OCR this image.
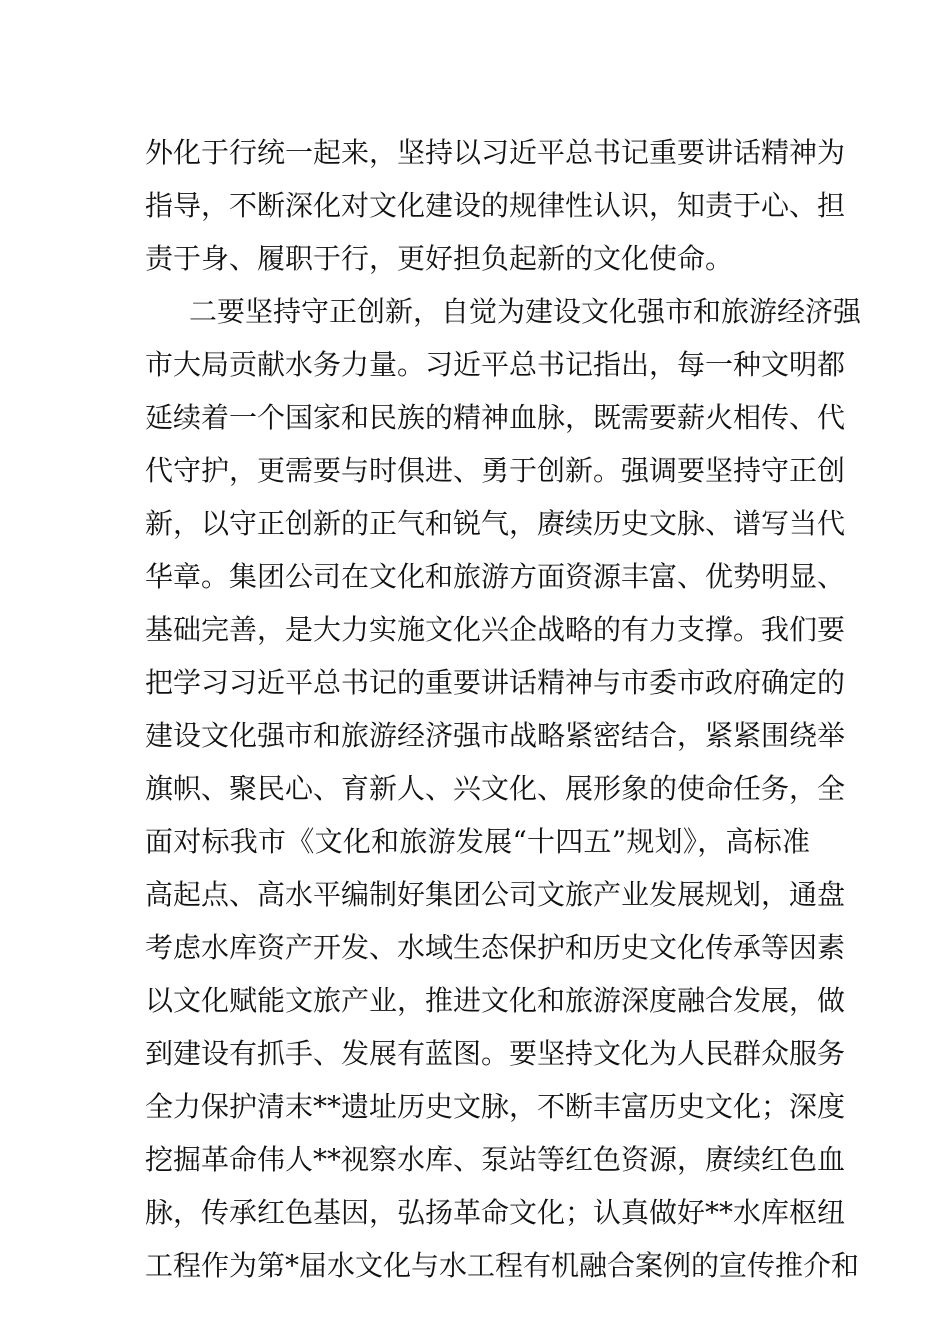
外化于行统一起来，坚持以习近平总书记重要讲话精神为
指导，不断深化对文化建设的规律性认识，知责于心、担
责于身、履职于行，更好担负起新的文化使命。
二要坚持守正创新，自觉为建设文化强市和旅游经济强
市大局贡献水务力量。习近平总书记指出，每一种文明都
延续着一个国家和民族的精神血脉，既需要薪火相传、代
代守护，更需要与时俱进、勇于创新。强调要坚持守正创
新，以守正创新的正气和锐气，赓续历史文脉、谱写当代
华章。集团公司在文化和旅游方面资源丰富、优势明显、
基础完善，是大力实施文化兴企战略的有力支撑。我们要
把学习习近平总书记的重要讲话精神与市委市政府确定的
建设文化强市和旅游经济强市战略紧密结合，紧紧围绕举
旗帜、聚民心、育新人、兴文化、展形象的使命任务，全
面对标我市《文化和旅游发展“十四五”规划》，高标准
高起点、高水平编制好集团公司文旅产业发展规划，通盘
考虑水库资产开发、水域生态保护和历史文化传承等因素
以文化赋能文旅产业，推进文化和旅游深度融合发展，做
到建设有抓手、发展有蓝图。要坚持文化为人民群众服务
全力保护清末**遗址历史文脉，不断丰富历史文化；深度
挖掘革命伟人**视察水库、泵站等红色资源，赓续红色血
脉，传承红色基因，弘扬革命文化；认真做好**水库枢纽
工程作为第*届水文化与水工程有机融合案例的宣传推介和
